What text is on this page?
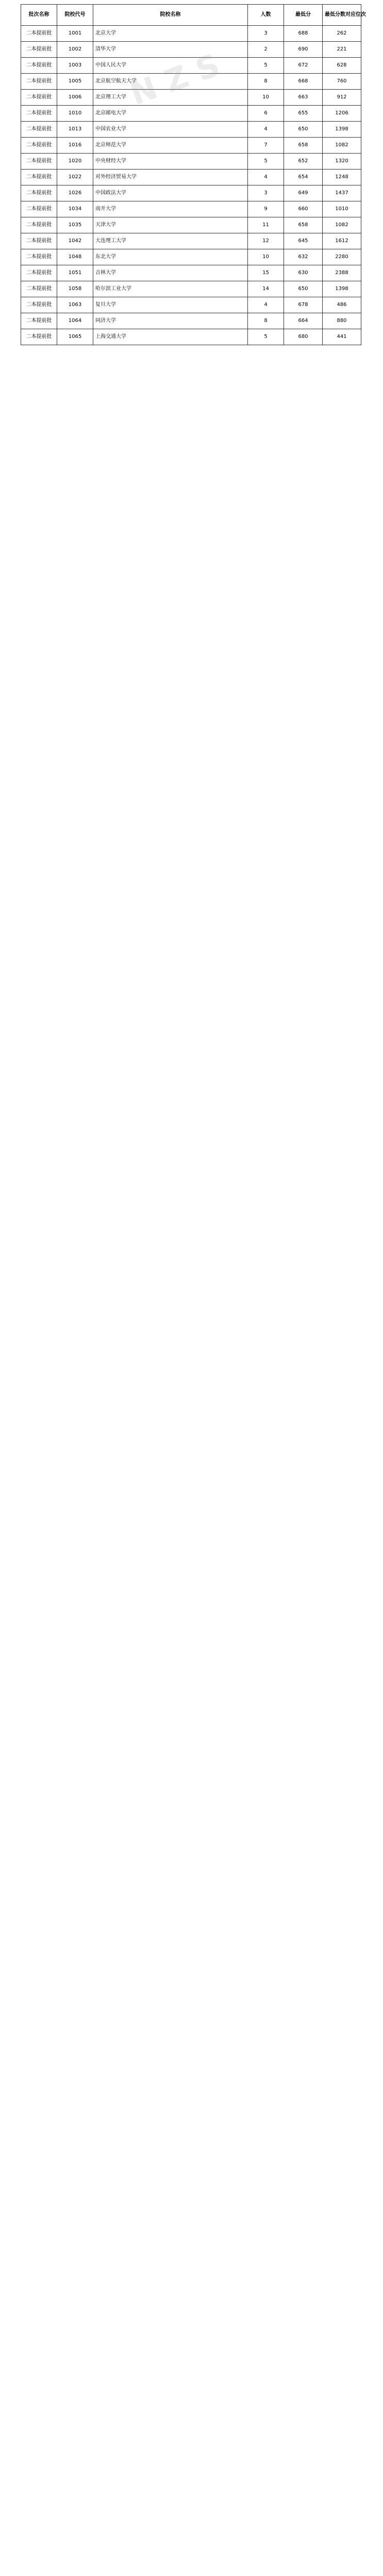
批次名称	院校代号	院校名称	人数	最低分	最低分数对应位次
二本提前批	1001	北京大学	3	688	262
二本提前批	1002	清华大学	2	690	221
二本提前批	1003	中国人民大学	5	672	628
二本提前批	1005	北京航空航天大学	8	668	760
二本提前批	1006	北京理工大学	10	663	912
二本提前批	1010	北京邮电大学	6	655	1206
二本提前批	1013	中国农业大学	4	650	1398
二本提前批	1016	北京师范大学	7	658	1082
二本提前批	1020	中央财经大学	5	652	1320
二本提前批	1022	对外经济贸易大学	4	654	1248
二本提前批	1026	中国政法大学	3	649	1437
二本提前批	1034	南开大学	9	660	1010
二本提前批	1035	天津大学	11	658	1082
二本提前批	1042	大连理工大学	12	645	1612
二本提前批	1048	东北大学	10	632	2280
二本提前批	1051	吉林大学	15	630	2388
二本提前批	1058	哈尔滨工业大学	14	650	1398
二本提前批	1063	复旦大学	4	678	486
二本提前批	1064	同济大学	8	664	880
二本提前批	1065	上海交通大学	5	680	441
N Z S
